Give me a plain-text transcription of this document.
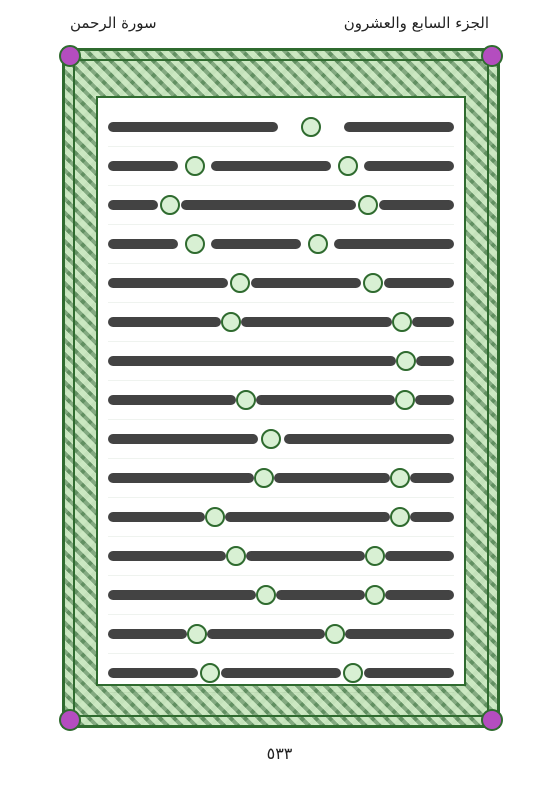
سورة الرحمن	الجزء السابع والعشرون
٥٣٣
